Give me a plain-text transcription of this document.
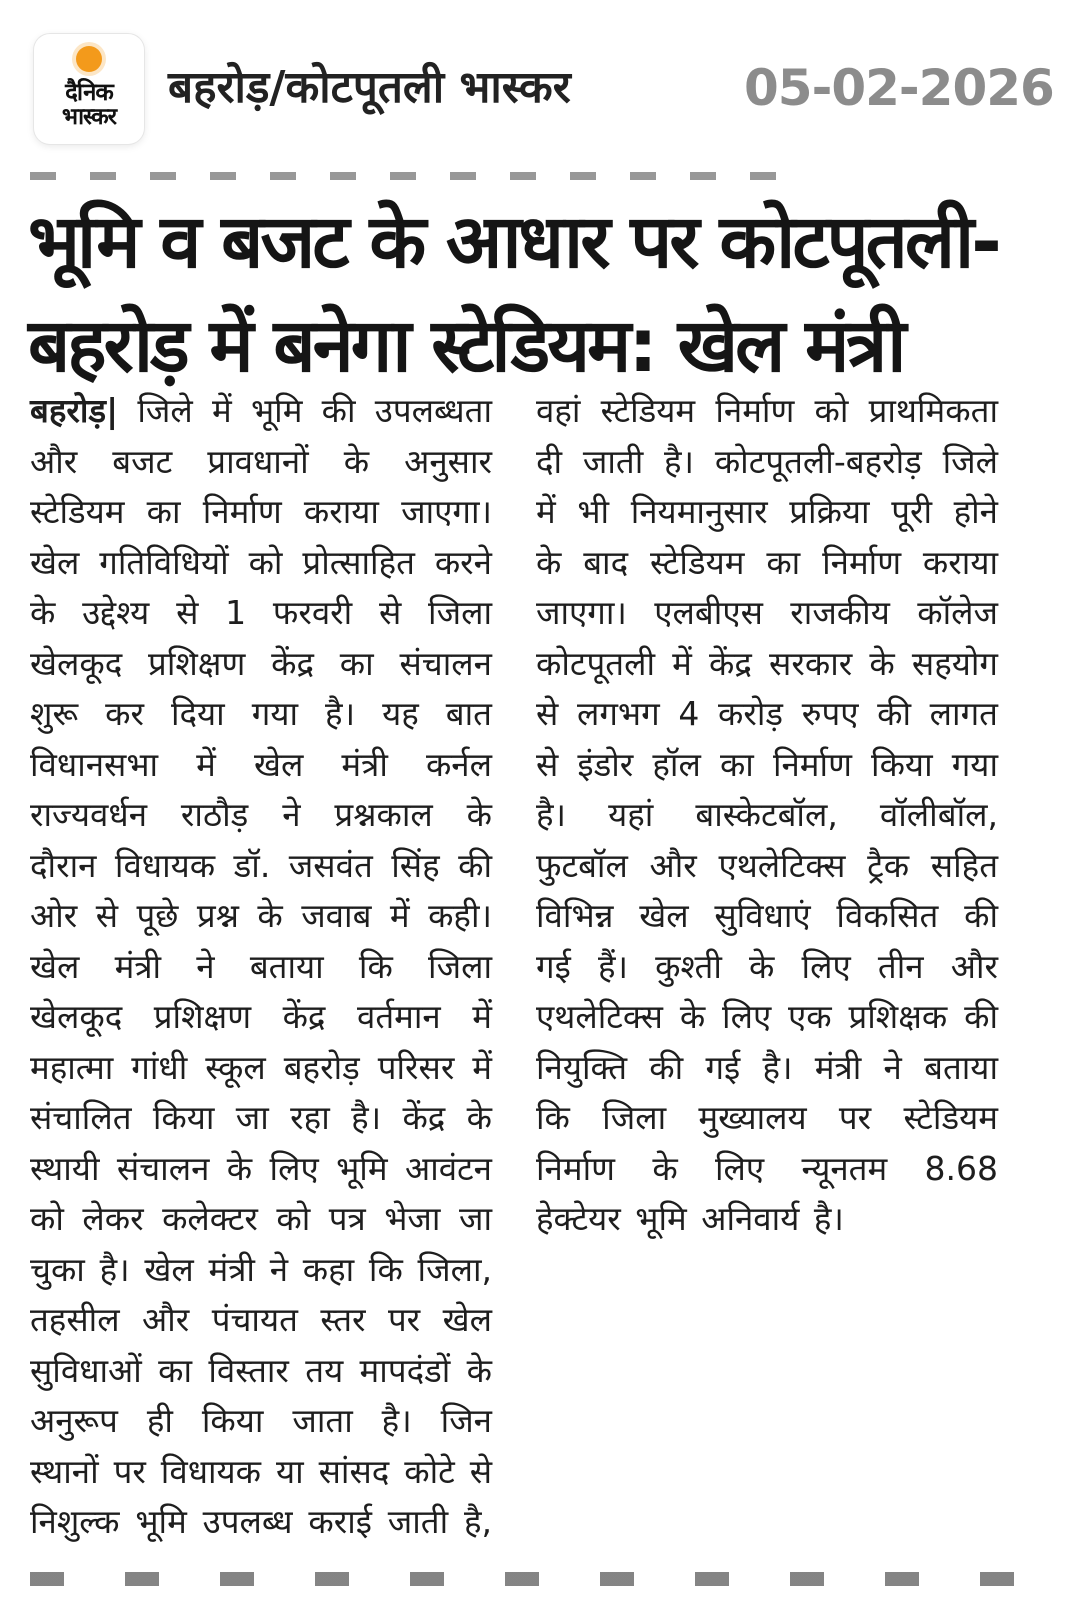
दैनिक
भास्कर
बहरोड़/कोटपूतली भास्कर	05-02-2026
भूमि व बजट के आधार पर कोटपूतली-बहरोड़ में बनेगा स्टेडियम: खेल मंत्री

बहरोड़| जिले में भूमि की उपलब्धता और बजट प्रावधानों के अनुसार स्टेडियम का निर्माण कराया जाएगा। खेल गतिविधियों को प्रोत्साहित करने के उद्देश्य से 1 फरवरी से जिला खेलकूद प्रशिक्षण केंद्र का संचालन शुरू कर दिया गया है। यह बात विधानसभा में खेल मंत्री कर्नल राज्यवर्धन राठौड़ ने प्रश्नकाल के दौरान विधायक डॉ. जसवंत सिंह की ओर से पूछे प्रश्न के जवाब में कही। खेल मंत्री ने बताया कि जिला खेलकूद प्रशिक्षण केंद्र वर्तमान में महात्मा गांधी स्कूल बहरोड़ परिसर में संचालित किया जा रहा है। केंद्र के स्थायी संचालन के लिए भूमि आवंटन को लेकर कलेक्टर को पत्र भेजा जा चुका है। खेल मंत्री ने कहा कि जिला, तहसील और पंचायत स्तर पर खेल सुविधाओं का विस्तार तय मापदंडों के अनुरूप ही किया जाता है। जिन स्थानों पर विधायक या सांसद कोटे से निशुल्क भूमि उपलब्ध कराई जाती है, वहां स्टेडियम निर्माण को प्राथमिकता दी जाती है। कोटपूतली-बहरोड़ जिले में भी नियमानुसार प्रक्रिया पूरी होने के बाद स्टेडियम का निर्माण कराया जाएगा। एलबीएस राजकीय कॉलेज कोटपूतली में केंद्र सरकार के सहयोग से लगभग 4 करोड़ रुपए की लागत से इंडोर हॉल का निर्माण किया गया है। यहां बास्केटबॉल, वॉलीबॉल, फुटबॉल और एथलेटिक्स ट्रैक सहित विभिन्न खेल सुविधाएं विकसित की गई हैं। कुश्ती के लिए तीन और एथलेटिक्स के लिए एक प्रशिक्षक की नियुक्ति की गई है। मंत्री ने बताया कि जिला मुख्यालय पर स्टेडियम निर्माण के लिए न्यूनतम 8.68 हेक्टेयर भूमि अनिवार्य है।
